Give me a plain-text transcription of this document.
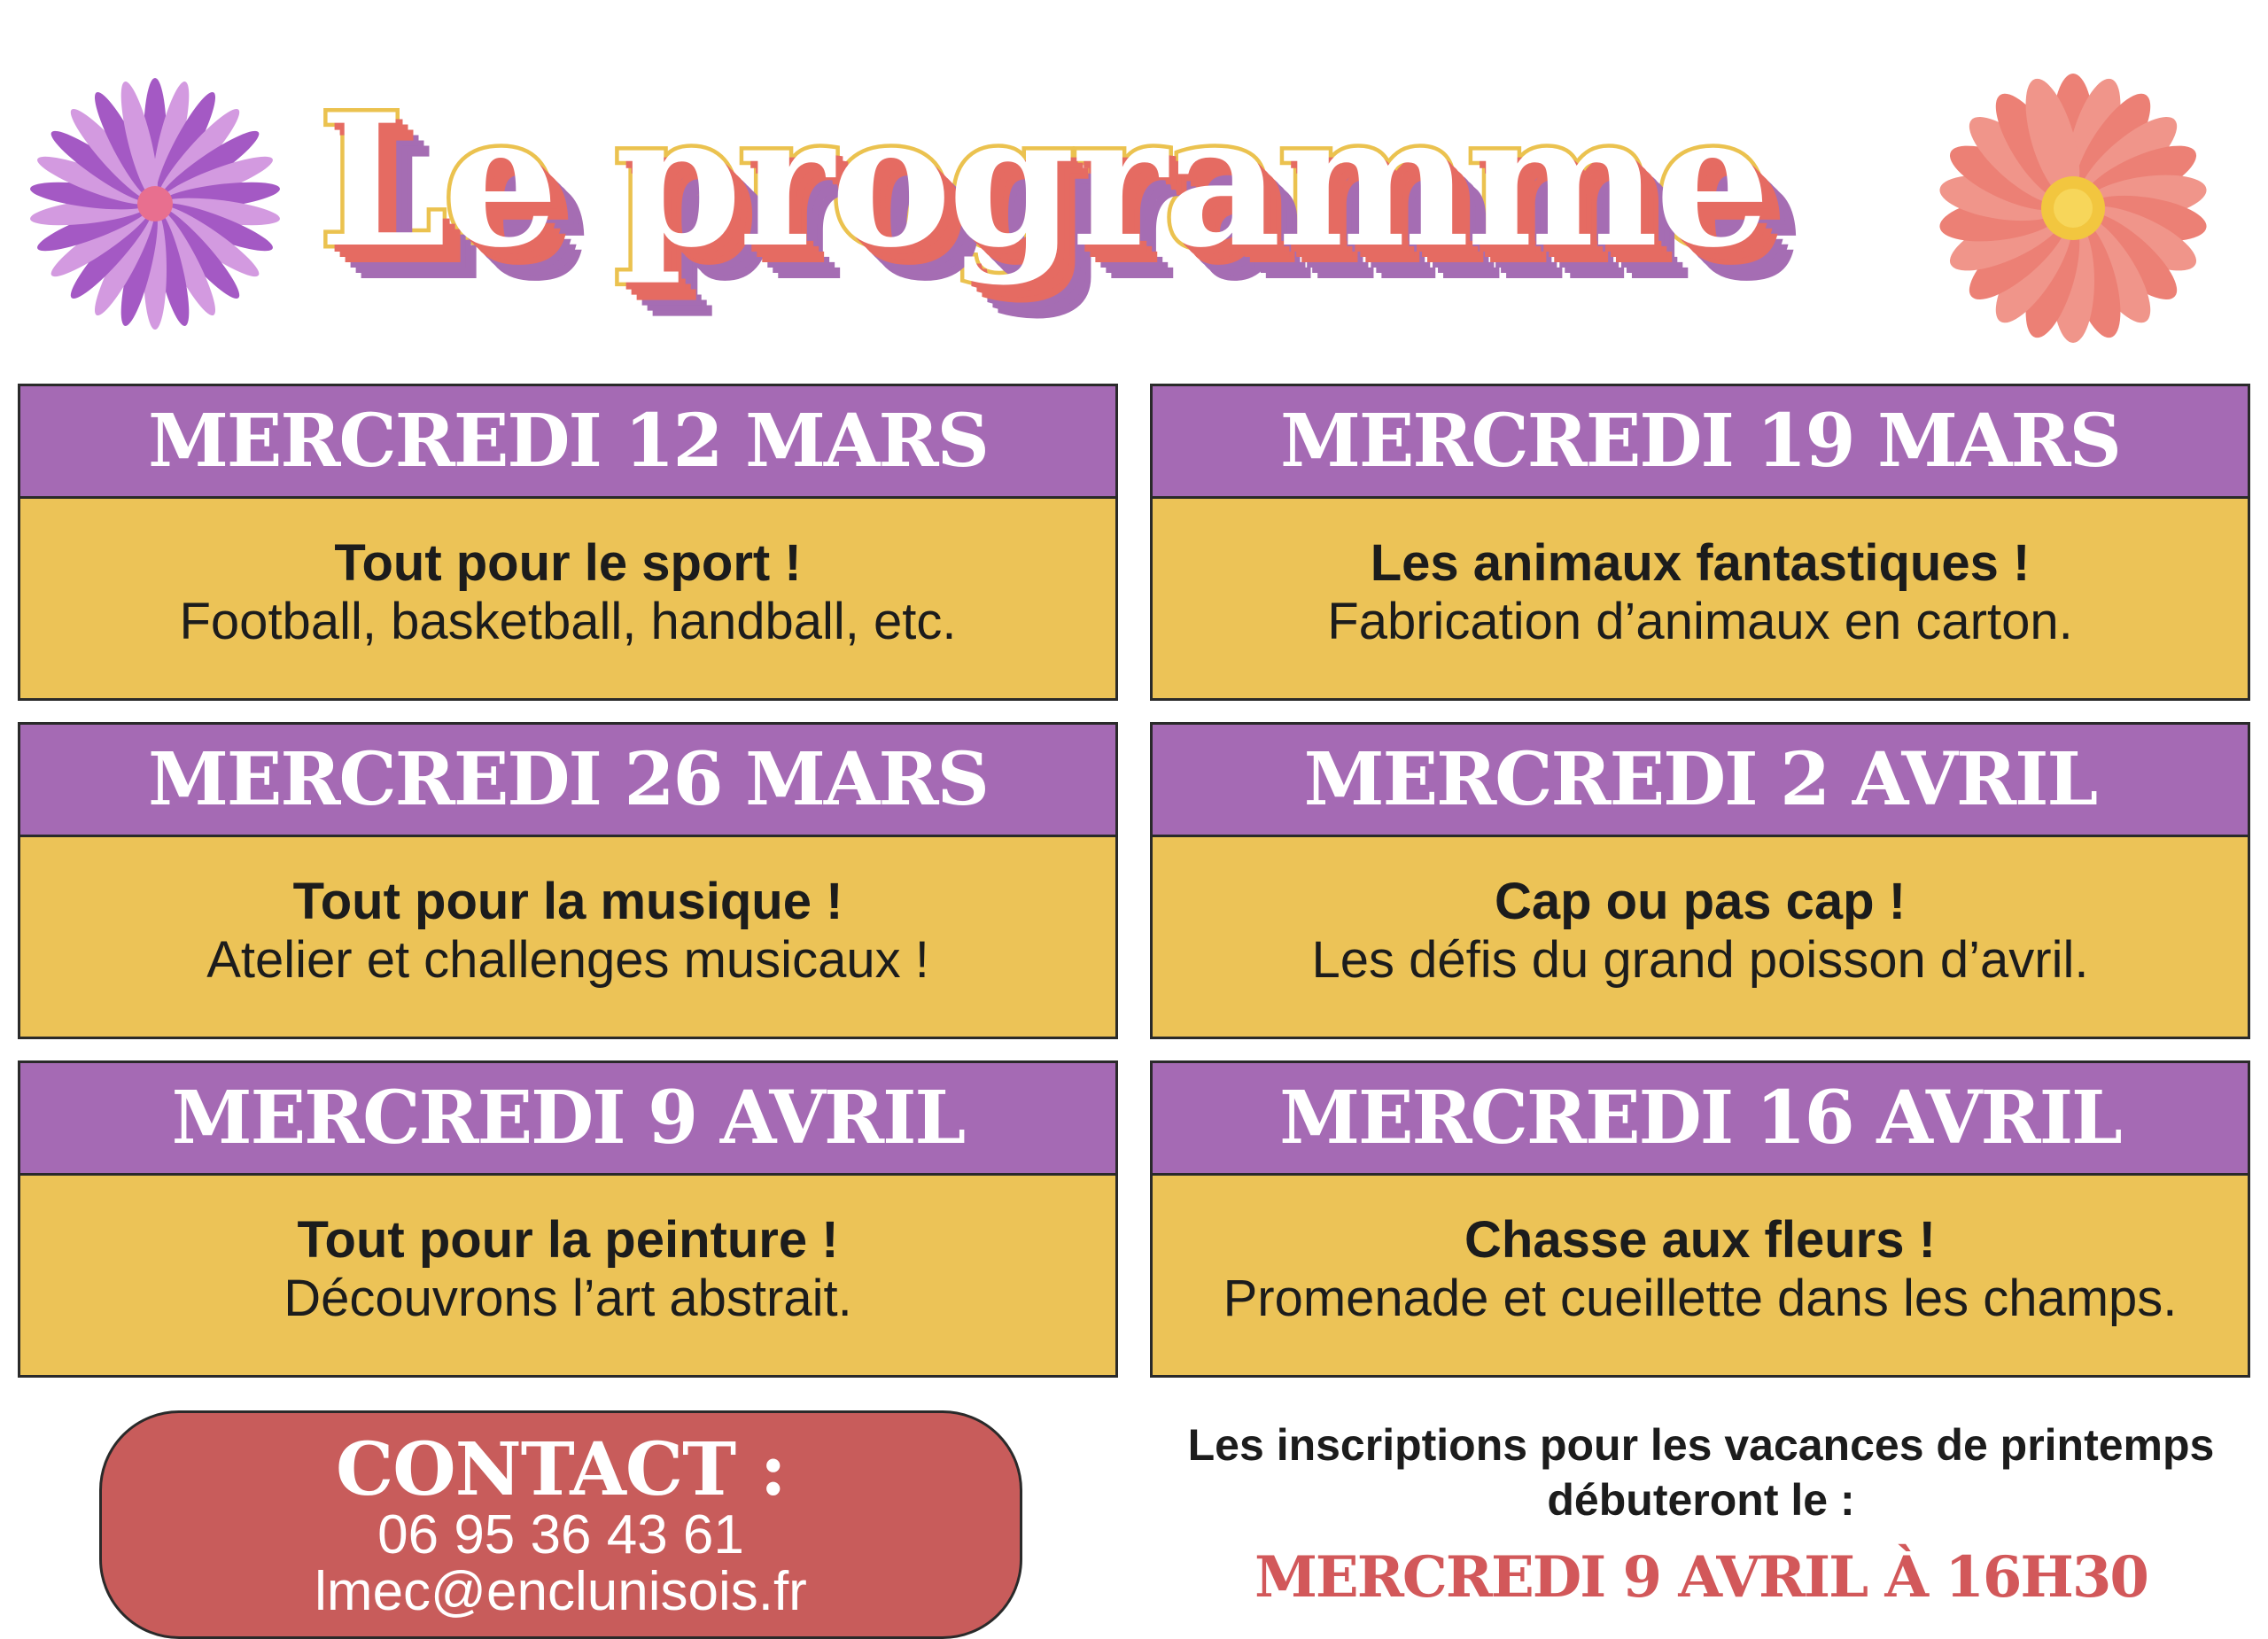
Le programme
MERCREDI 12 MARS
Tout pour le sport !
Football, basketball, handball, etc.
MERCREDI 19 MARS
Les animaux fantastiques !
Fabrication d’animaux en carton.
MERCREDI 26 MARS
Tout pour la musique !
Atelier et challenges musicaux !
MERCREDI 2 AVRIL
Cap ou pas cap !
Les défis du grand poisson d’avril.
MERCREDI 9 AVRIL
Tout pour la peinture !
Découvrons l’art abstrait.
MERCREDI 16 AVRIL
Chasse aux fleurs !
Promenade et cueillette dans les champs.
CONTACT :
06 95 36 43 61
lmec@enclunisois.fr
Les inscriptions pour les vacances de printemps débuteront le :
MERCREDI 9 AVRIL À 16H30
